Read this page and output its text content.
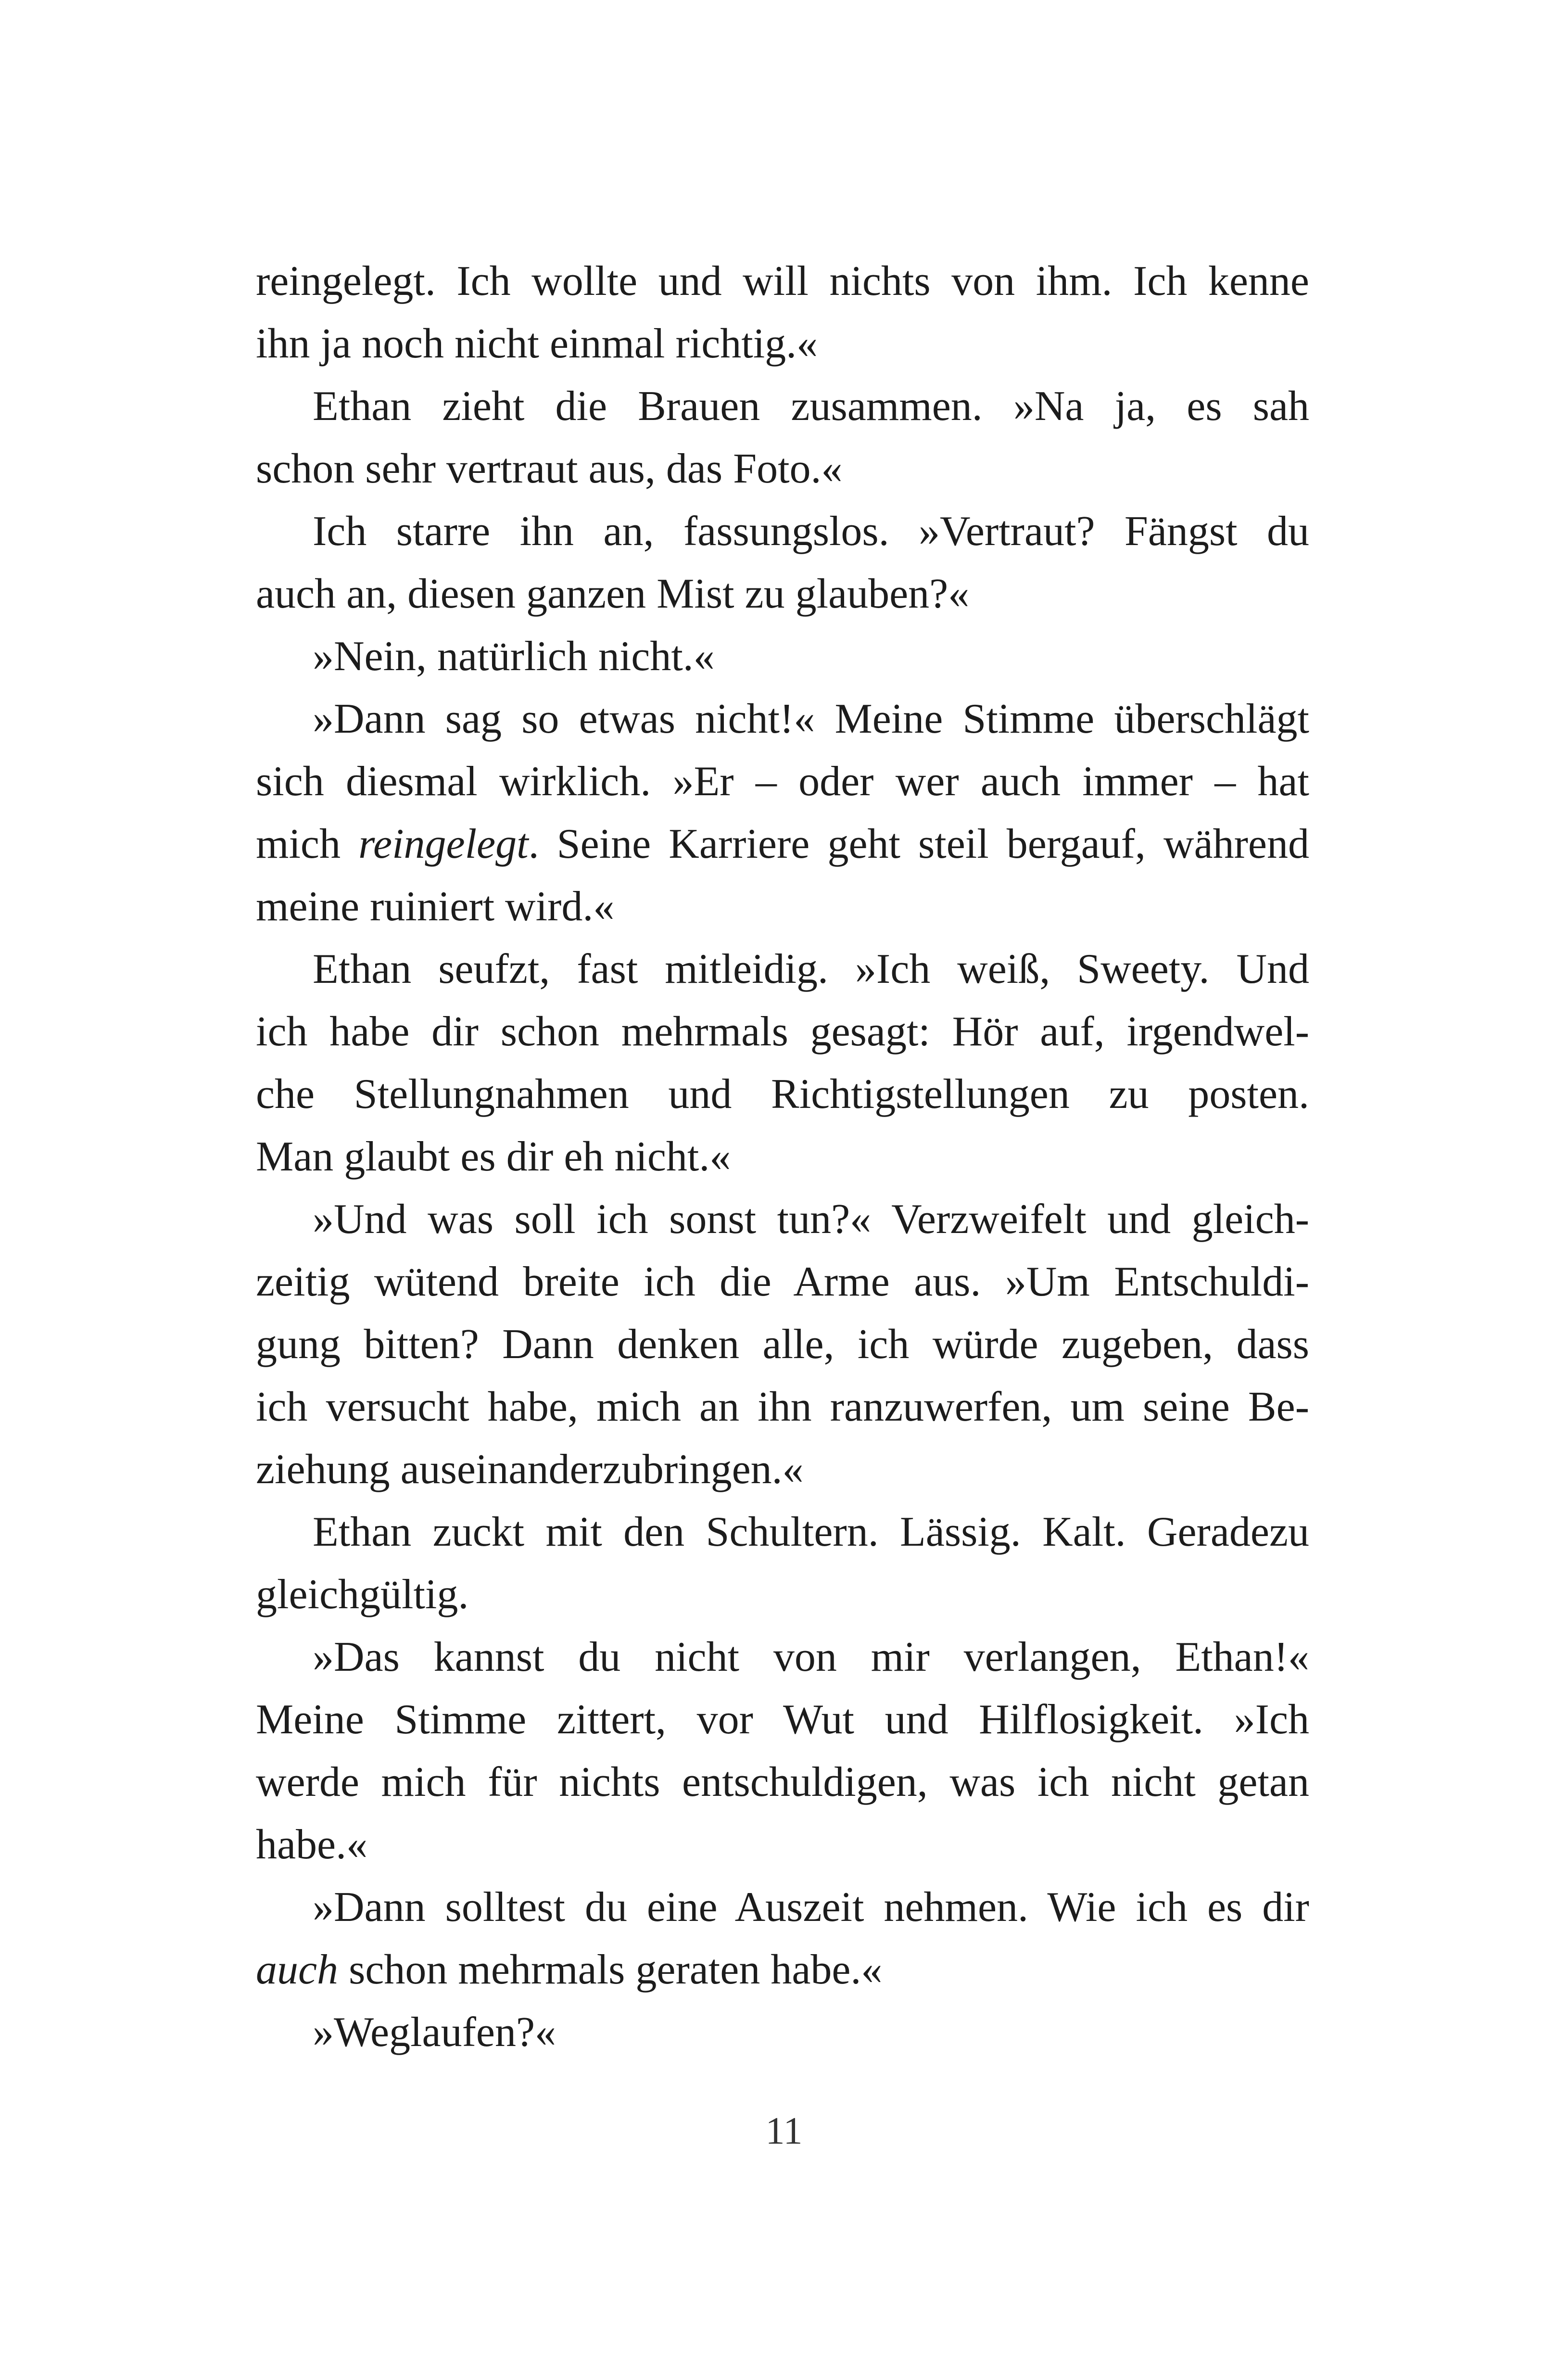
reingelegt. Ich wollte und will nichts von ihm. Ich kenne
ihn ja noch nicht einmal richtig.«
Ethan zieht die Brauen zusammen. »Na ja, es sah
schon sehr vertraut aus, das Foto.«
Ich starre ihn an, fassungslos. »Vertraut? Fängst du
auch an, diesen ganzen Mist zu glauben?«
»Nein, natürlich nicht.«
»Dann sag so etwas nicht!« Meine Stimme überschlägt
sich diesmal wirklich. »Er – oder wer auch immer – hat
mich reingelegt. Seine Karriere geht steil bergauf, während
meine ruiniert wird.«
Ethan seufzt, fast mitleidig. »Ich weiß, Sweety. Und
ich habe dir schon mehrmals gesagt: Hör auf, irgendwel-
che Stellungnahmen und Richtigstellungen zu posten.
Man glaubt es dir eh nicht.«
»Und was soll ich sonst tun?« Verzweifelt und gleich-
zeitig wütend breite ich die Arme aus. »Um Entschuldi-
gung bitten? Dann denken alle, ich würde zugeben, dass
ich versucht habe, mich an ihn ranzuwerfen, um seine Be-
ziehung auseinanderzubringen.«
Ethan zuckt mit den Schultern. Lässig. Kalt. Geradezu
gleichgültig.
»Das kannst du nicht von mir verlangen, Ethan!«
Meine Stimme zittert, vor Wut und Hilflosigkeit. »Ich
werde mich für nichts entschuldigen, was ich nicht getan
habe.«
»Dann solltest du eine Auszeit nehmen. Wie ich es dir
auch schon mehrmals geraten habe.«
»Weglaufen?«
11
